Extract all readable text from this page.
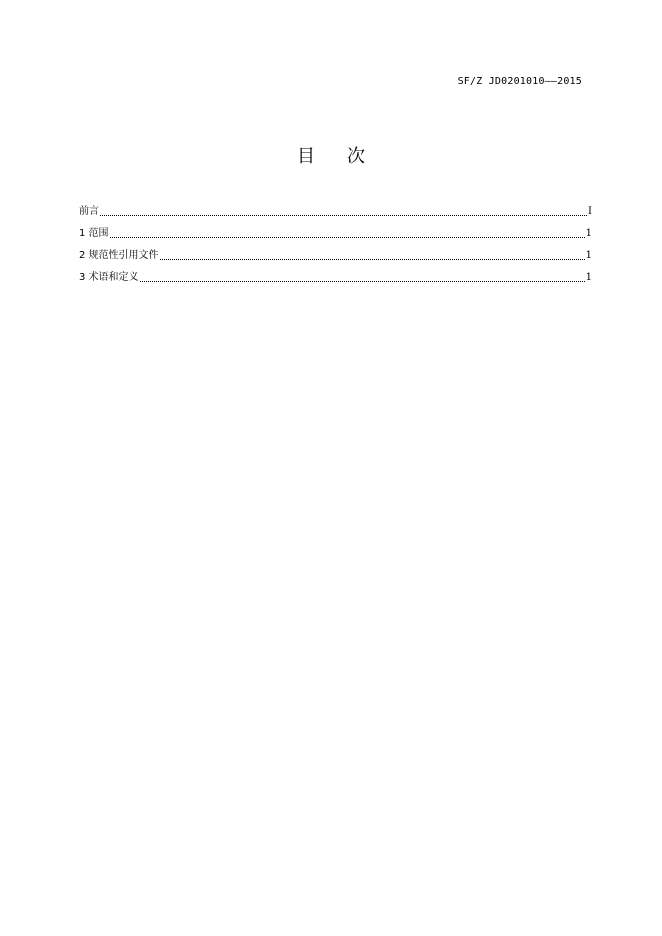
SF/Z JD0201010——2015
目次
前言	I
1 范围	1
2 规范性引用文件	1
3 术语和定义	1
